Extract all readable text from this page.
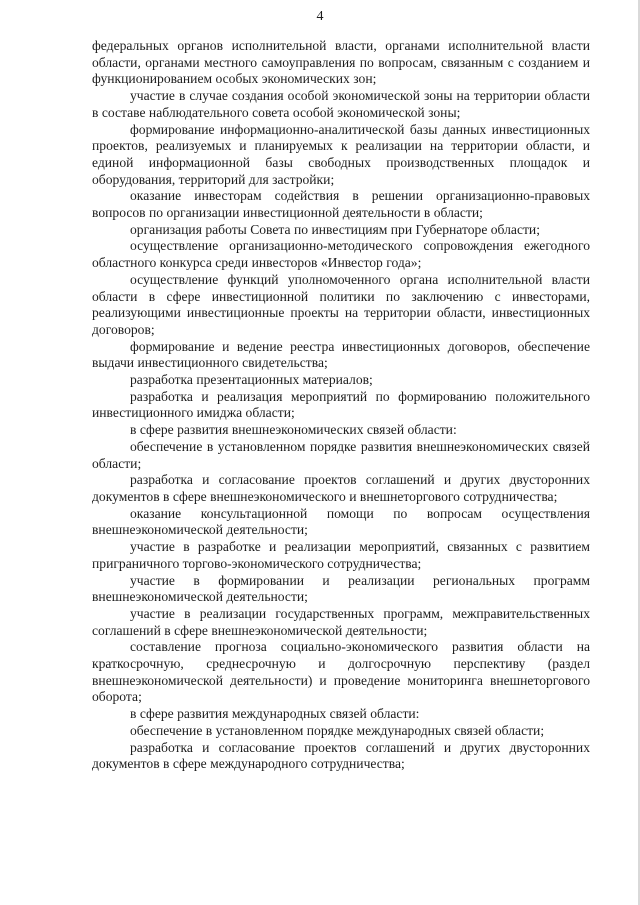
4

федеральных органов исполнительной власти, органами исполнительной власти области, органами местного самоуправления по вопросам, связанным с созданием и функционированием особых экономических зон;

участие в случае создания особой экономической зоны на территории области в составе наблюдательного совета особой экономической зоны;

формирование информационно-аналитической базы данных инвестиционных проектов, реализуемых и планируемых к реализации на территории области, и единой информационной базы свободных производственных площадок и оборудования, территорий для застройки;

оказание инвесторам содействия в решении организационно-правовых вопросов по организации инвестиционной деятельности в области;

организация работы Совета по инвестициям при Губернаторе области;

осуществление организационно-методического сопровождения ежегодного областного конкурса среди инвесторов «Инвестор года»;

осуществление функций уполномоченного органа исполнительной власти области в сфере инвестиционной политики по заключению с инвесторами, реализующими инвестиционные проекты на территории области, инвестиционных договоров;

формирование и ведение реестра инвестиционных договоров, обеспечение выдачи инвестиционного свидетельства;

разработка презентационных материалов;

разработка и реализация мероприятий по формированию положительного инвестиционного имиджа области;

в сфере развития внешнеэкономических связей области:

обеспечение в установленном порядке развития внешнеэкономических связей области;

разработка и согласование проектов соглашений и других двусторонних документов в сфере внешнеэкономического и внешнеторгового сотрудничества;

оказание консультационной помощи по вопросам осуществления внешнеэкономической деятельности;

участие в разработке и реализации мероприятий, связанных с развитием приграничного торгово-экономического сотрудничества;

участие в формировании и реализации региональных программ внешнеэкономической деятельности;

участие в реализации государственных программ, межправительственных соглашений в сфере внешнеэкономической деятельности;

составление прогноза социально-экономического развития области на краткосрочную, среднесрочную и долгосрочную перспективу (раздел внешнеэкономической деятельности) и проведение мониторинга внешнеторгового оборота;

в сфере развития международных связей области:

обеспечение в установленном порядке международных связей области;

разработка и согласование проектов соглашений и других двусторонних документов в сфере международного сотрудничества;
